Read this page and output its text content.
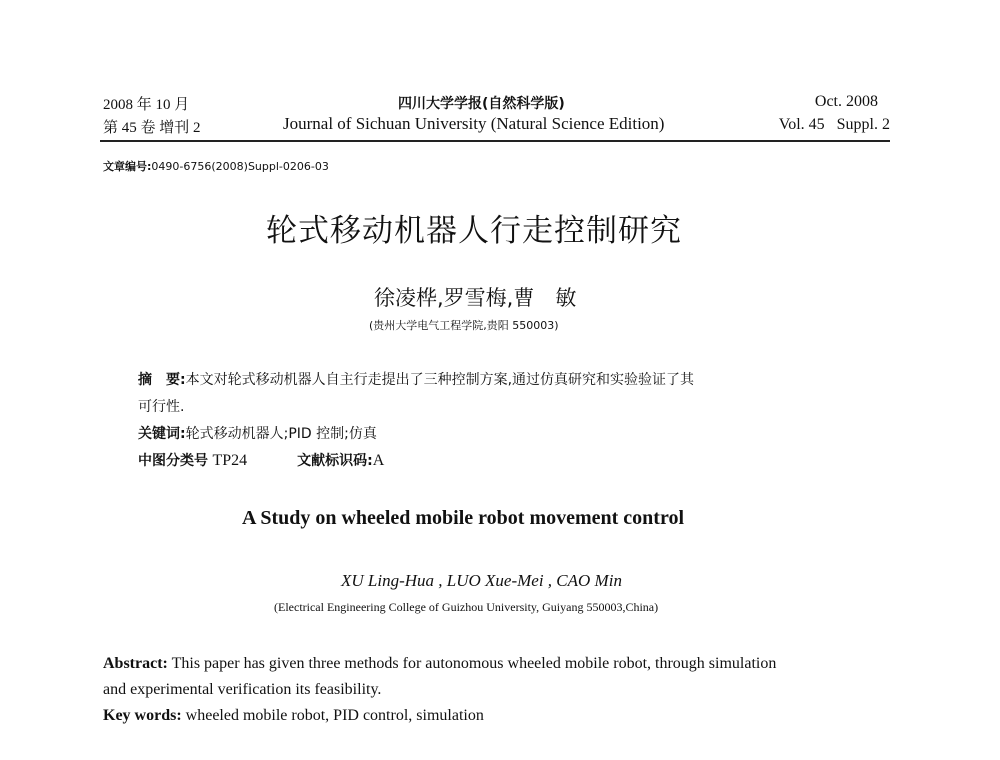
2008 年 10 月
第 45 卷 增刊 2
四川大学学报(自然科学版)
Journal of Sichuan University (Natural Science Edition)
Oct. 2008
Vol. 45   Suppl. 2
文章编号:0490-6756(2008)Suppl-0206-03
轮式移动机器人行走控制研究
徐凌桦,罗雪梅,曹　敏
(贵州大学电气工程学院,贵阳 550003)
摘　要:本文对轮式移动机器人自主行走提出了三种控制方案,通过仿真研究和实验验证了其
可行性.
关键词:轮式移动机器人;PID 控制;仿真
中图分类号 TP24	文献标识码:A
A Study on wheeled mobile robot movement control
XU Ling-Hua , LUO Xue-Mei , CAO Min
(Electrical Engineering College of Guizhou University, Guiyang 550003,China)
Abstract: This paper has given three methods for autonomous wheeled mobile robot, through simulation
and experimental verification its feasibility.
Key words: wheeled mobile robot, PID control, simulation
